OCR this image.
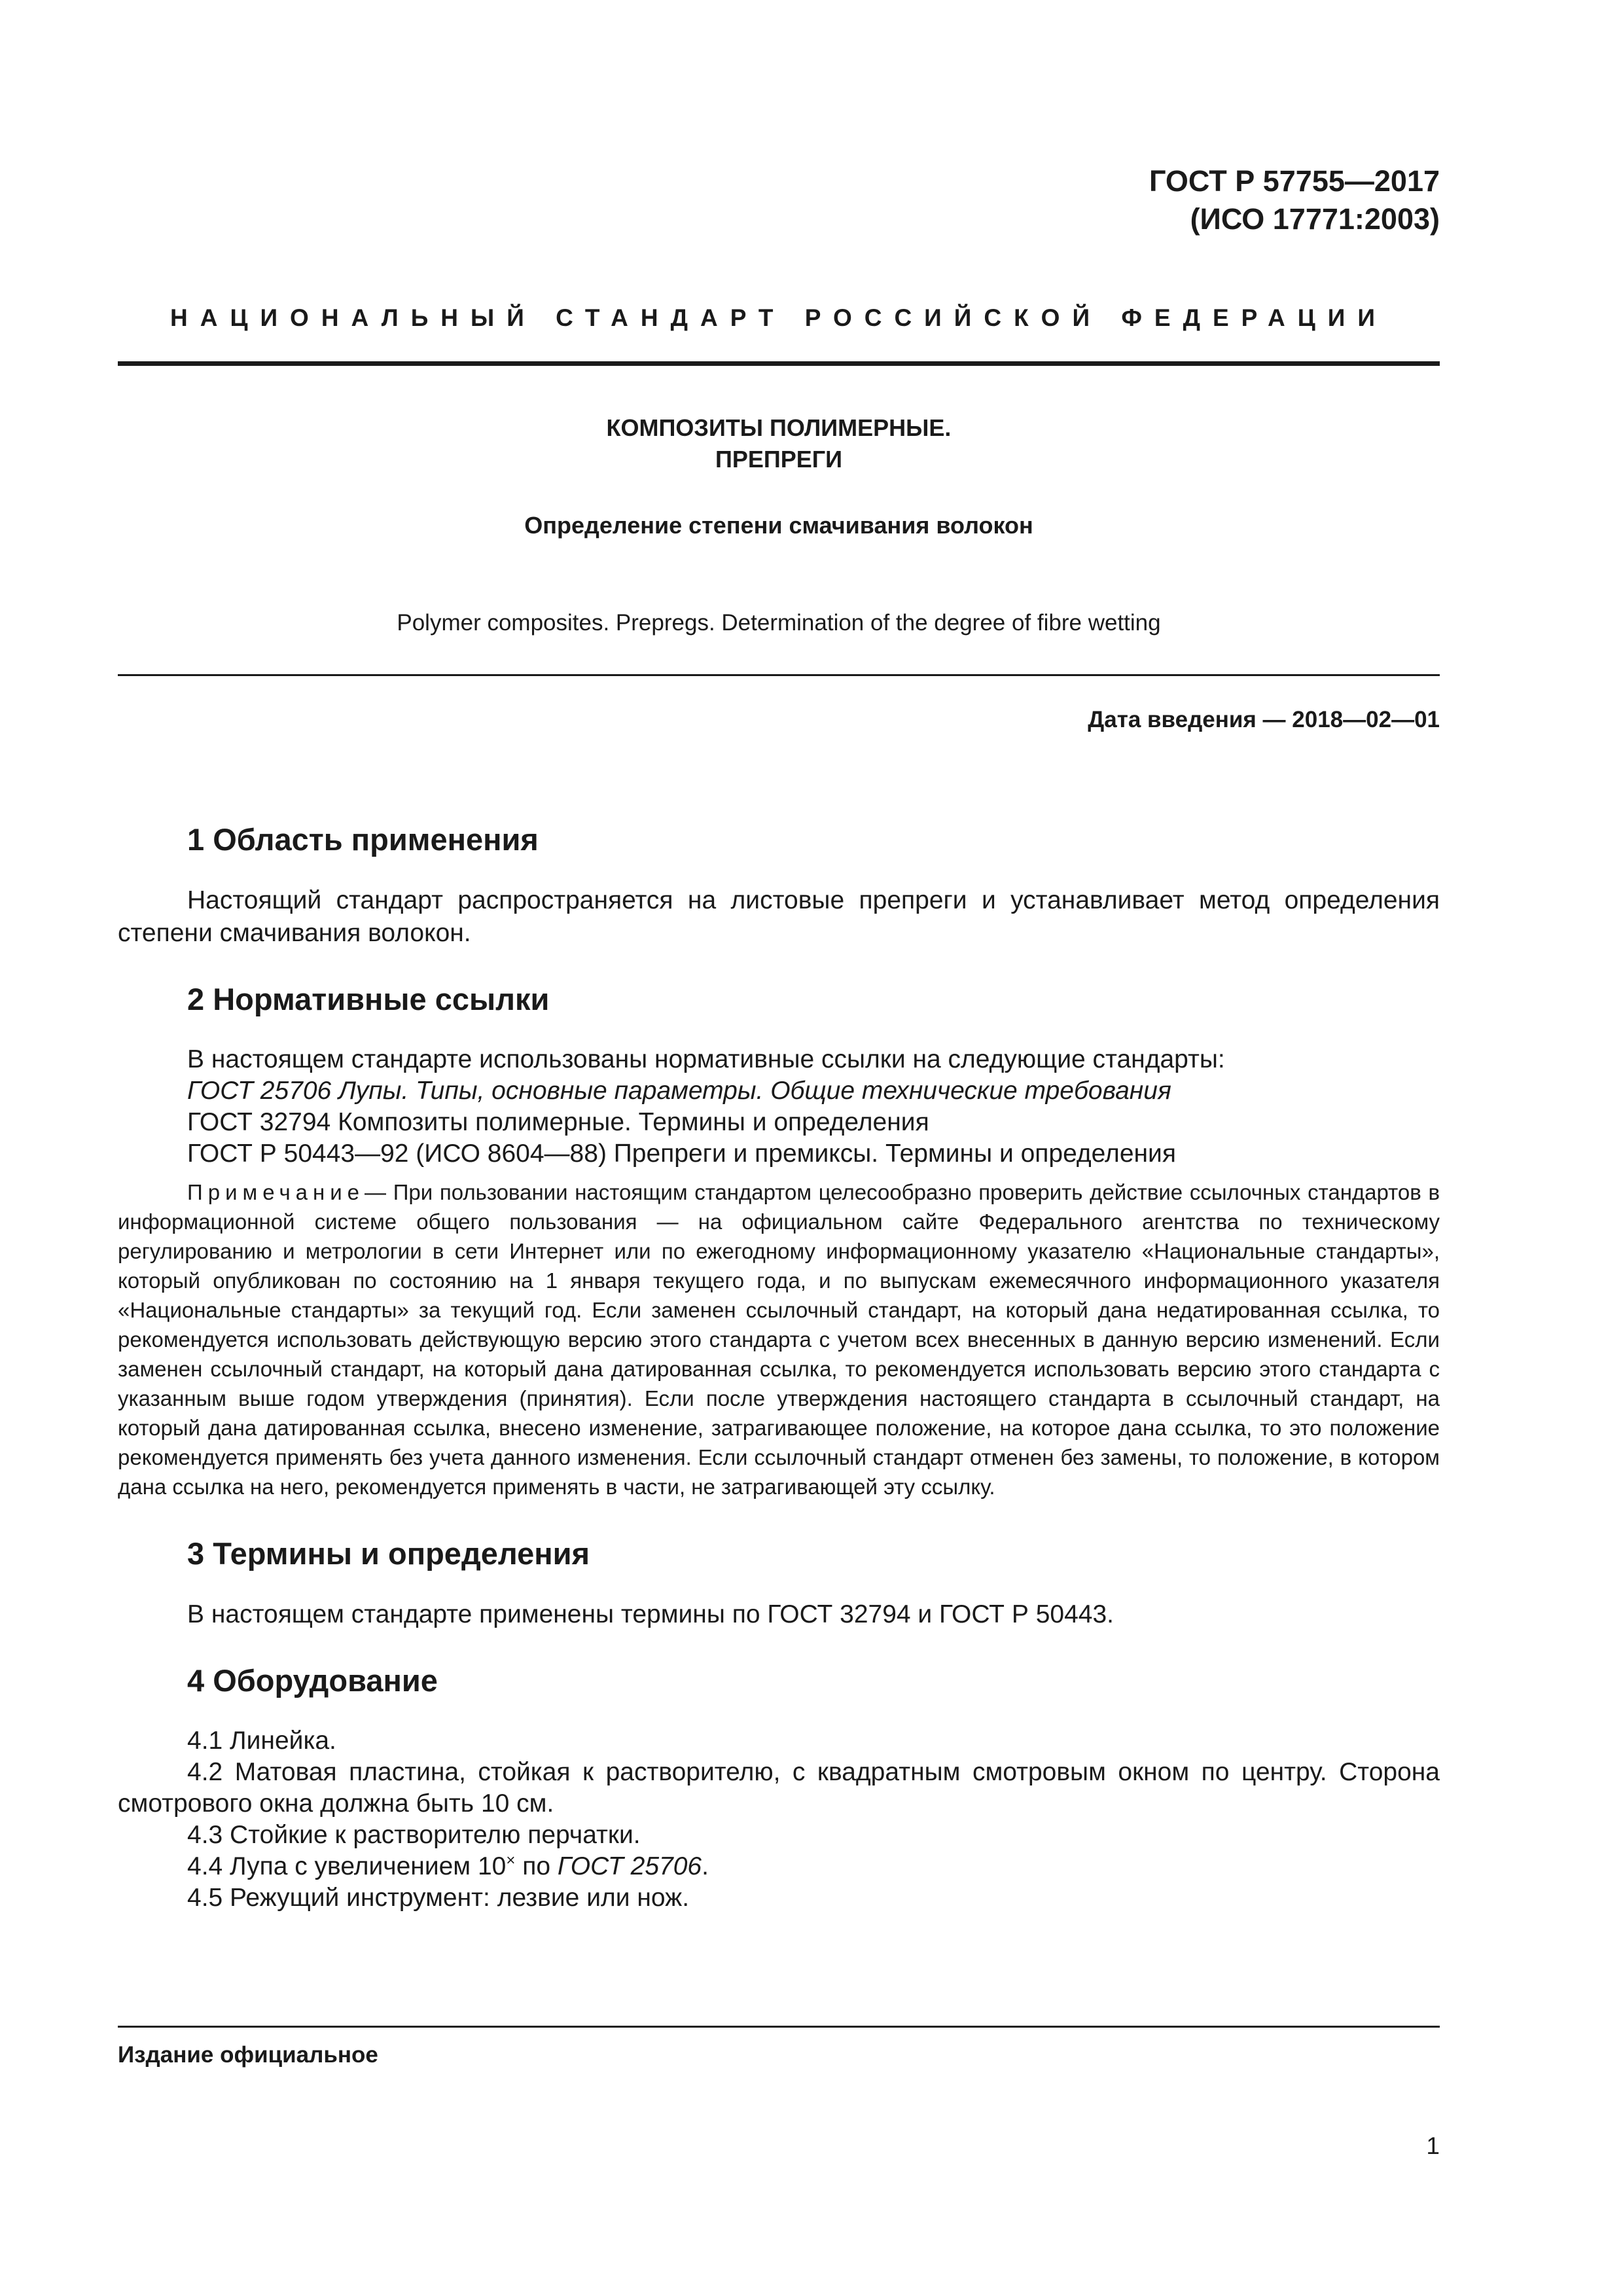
ГОСТ Р 57755—2017
(ИСО 17771:2003)
НАЦИОНАЛЬНЫЙ СТАНДАРТ РОССИЙСКОЙ ФЕДЕРАЦИИ
КОМПОЗИТЫ ПОЛИМЕРНЫЕ.
ПРЕПРЕГИ
Определение степени смачивания волокон
Polymer composites. Prepregs. Determination of the degree of fibre wetting
Дата введения — 2018—02—01
1 Область применения

Настоящий стандарт распространяется на листовые препреги и устанавливает метод определения степени смачивания волокон.

2 Нормативные ссылки
В настоящем стандарте использованы нормативные ссылки на следующие стандарты:
ГОСТ 25706 Лупы. Типы, основные параметры. Общие технические требования
ГОСТ 32794 Композиты полимерные. Термины и определения
ГОСТ Р 50443—92 (ИСО 8604—88) Препреги и премиксы. Термины и определения

Примечание— При пользовании настоящим стандартом целесообразно проверить действие ссылочных стандартов в информационной системе общего пользования — на официальном сайте Федерального агентства по техническому регулированию и метрологии в сети Интернет или по ежегодному информационному указателю «Национальные стандарты», который опубликован по состоянию на 1 января текущего года, и по выпускам ежемесячного информационного указателя «Национальные стандарты» за текущий год. Если заменен ссылочный стандарт, на который дана недатированная ссылка, то рекомендуется использовать действующую версию этого стандарта с учетом всех внесенных в данную версию изменений. Если заменен ссылочный стандарт, на который дана датированная ссылка, то рекомендуется использовать версию этого стандарта с указанным выше годом утверждения (принятия). Если после утверждения настоящего стандарта в ссылочный стандарт, на который дана датированная ссылка, внесено изменение, затрагивающее положение, на которое дана ссылка, то это положение рекомендуется применять без учета данного изменения. Если ссылочный стандарт отменен без замены, то положение, в котором дана ссылка на него, рекомендуется применять в части, не затрагивающей эту ссылку.

3 Термины и определения

В настоящем стандарте применены термины по ГОСТ 32794 и ГОСТ Р 50443.

4 Оборудование

4.1 Линейка.

4.2 Матовая пластина, стойкая к растворителю, с квадратным смотровым окном по центру. Сторона смотрового окна должна быть 10 см.

4.3 Стойкие к растворителю перчатки.

4.4 Лупа с увеличением 10× по ГОСТ 25706.

4.5 Режущий инструмент: лезвие или нож.

Издание официальное
1
